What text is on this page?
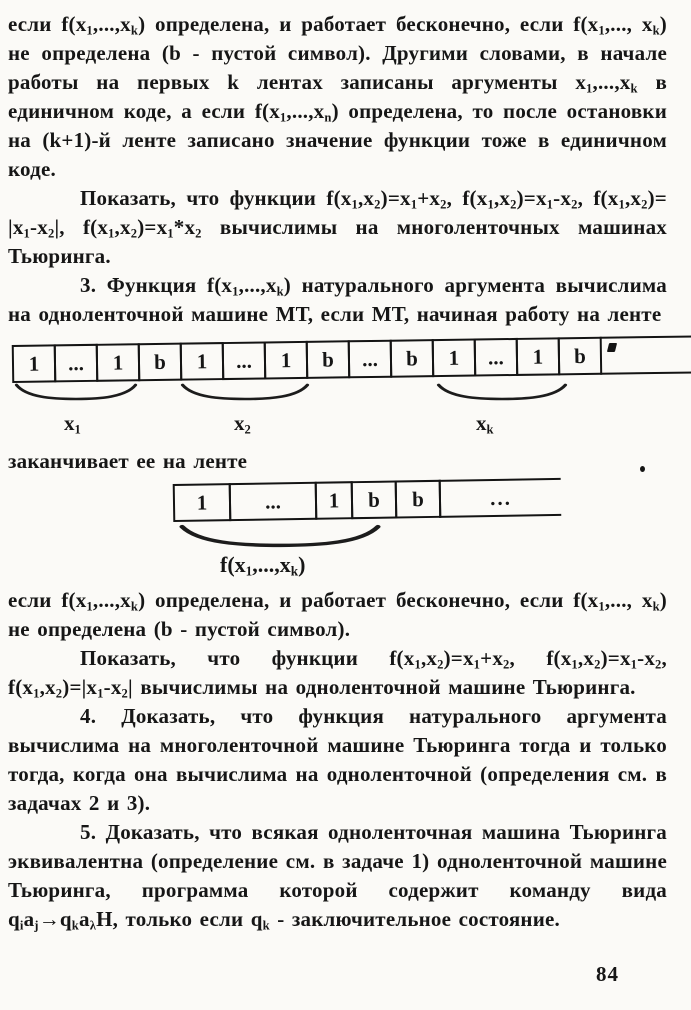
если $f(x_1,...,x_k)$ определена, и работает бесконечно, если $f(x_1$,..., $x_k$) не определена (b - пустой символ). Другими словами, в начале работы на первых k лентах записаны аргументы $x_1,...,x_k$ в единичном коде, а если $f(x_1,...,x_n)$ определена, то после остановки на (k+1)-й ленте записано значение функции тоже в единичном коде.

Показать, что функции $f(x_1,x_2)=x_1+x_2$, $f(x_1,x_2)=x_1-x_2$, $f(x_1,x_2)= |x_1-x_2|$, $f(x_1,x_2)=x_1*x_2$ вычислимы на многоленточных машинах Тьюринга.

3. Функция $f(x_1,...,x_k)$ натурального аргумента вычислима на одноленточной машине МТ, если МТ, начиная работу на ленте

1	...	1	b	1	...	1	b	...	b	1	...	1	b
$x_1$	$x_2$	$x_k$

заканчивает ее на ленте

1	...	1	b	b	...
$f(x_1,...,x_k)$

если $f(x_1,...,x_k)$ определена, и работает бесконечно, если $f(x_1$,..., $x_k$) не определена (b - пустой символ).

Показать, что функции $f(x_1,x_2)=x_1+x_2$, $f(x_1,x_2)=x_1-x_2$, $f(x_1,x_2)=|x_1-x_2|$ вычислимы на одноленточной машине Тьюринга.

4. Доказать, что функция натурального аргумента вычислима на многоленточной машине Тьюринга тогда и только тогда, когда она вычислима на одноленточной (определения см. в задачах 2 и 3).

5. Доказать, что всякая одноленточная машина Тьюринга эквивалентна (определение см. в задаче 1) одноленточной машине Тьюринга, программа которой содержит команду вида $q_ia_j\to q_ka_\lambda H$, только если $q_k$ - заключительное состояние.

84
